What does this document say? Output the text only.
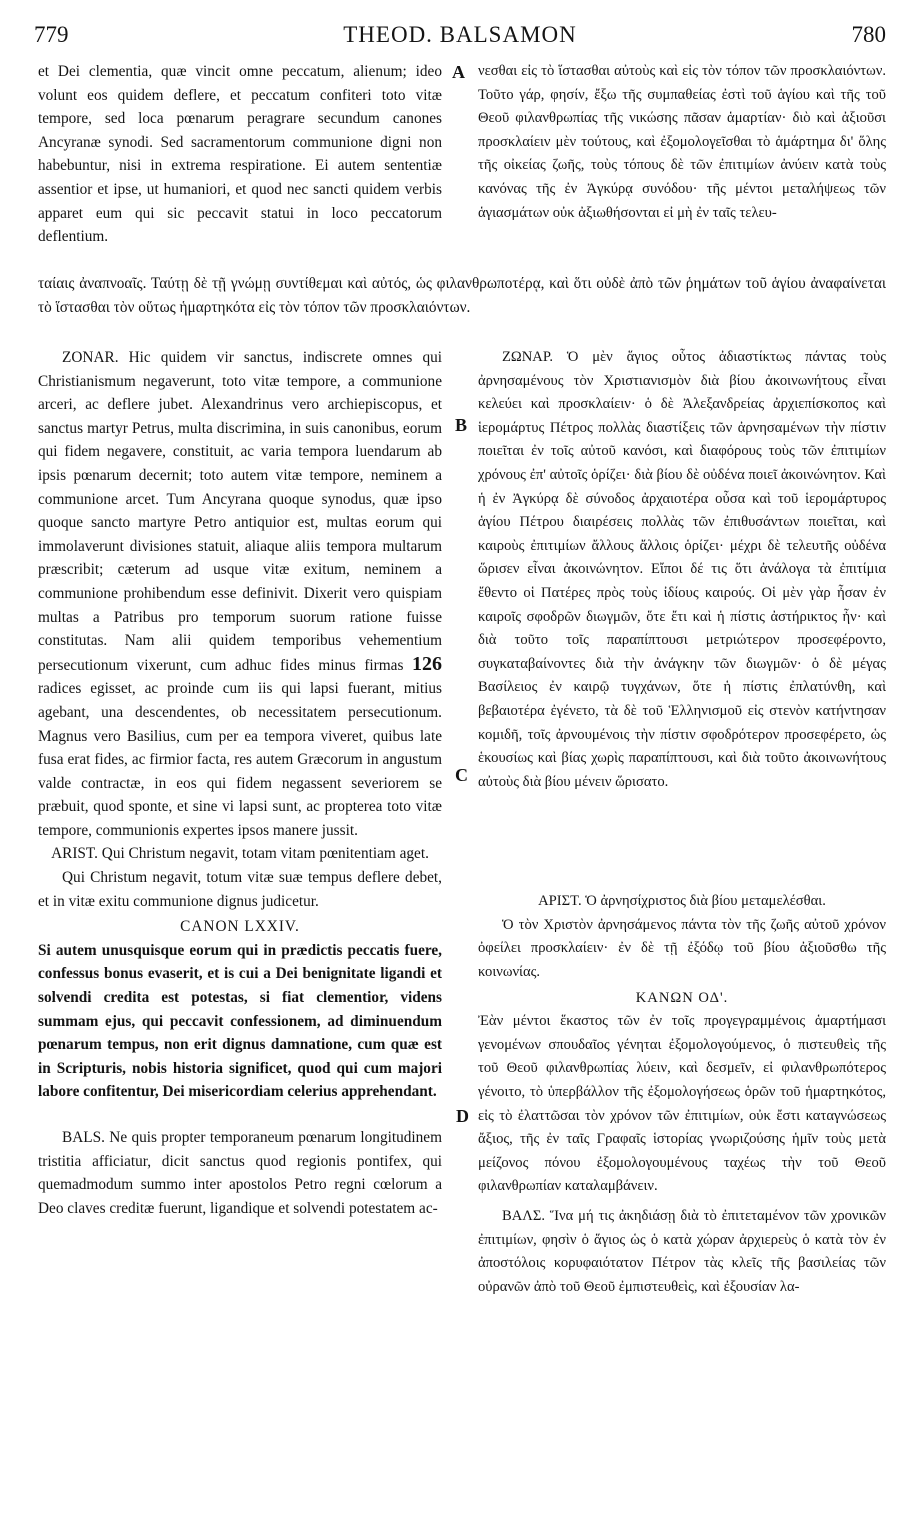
779	THEOD. BALSAMON	780
A
B
C
D

et Dei clementia, quæ vincit omne peccatum, alienum; ideo volunt eos quidem deflere, et peccatum confiteri toto vitæ tempore, sed loca pœnarum peragrare secundum canones Ancyranæ synodi. Sed sacramentorum communione digni non habebuntur, nisi in extrema respiratione. Ei autem sententiæ assentior et ipse, ut humaniori, et quod nec sancti quidem verbis apparet eum qui sic peccavit statui in loco peccatorum deflentium.

νεσθαι εἰς τὸ ἵστασθαι αὐτοὺς καὶ εἰς τὸν τόπον τῶν προσκλαιόντων. Τοῦτο γάρ, φησίν, ἔξω τῆς συμπαθείας ἐστὶ τοῦ ἁγίου καὶ τῆς τοῦ Θεοῦ φιλανθρωπίας τῆς νικώσης πᾶσαν ἁμαρτίαν· διὸ καὶ ἀξιοῦσι προσκλαίειν μὲν τούτους, καὶ ἐξομολογεῖσθαι τὸ ἁμάρτημα δι' ὅλης τῆς οἰκείας ζωῆς, τοὺς τόπους δὲ τῶν ἐπιτιμίων ἀνύειν κατὰ τοὺς κανόνας τῆς ἐν Ἀγκύρᾳ συνόδου· τῆς μέντοι μεταλήψεως τῶν ἁγιασμάτων οὐκ ἀξιωθήσονται εἰ μὴ ἐν ταῖς τελευ-

ταίαις ἀναπνοαῖς. Ταύτῃ δὲ τῇ γνώμῃ συντίθεμαι καὶ αὐτός, ὡς φιλανθρωποτέρᾳ, καὶ ὅτι οὐδὲ ἀπὸ τῶν ῥημάτων τοῦ ἁγίου ἀναφαίνεται τὸ ἵστασθαι τὸν οὕτως ἡμαρτηκότα εἰς τὸν τόπον τῶν προσκλαιόντων.

ZONAR. Hic quidem vir sanctus, indiscrete omnes qui Christianismum negaverunt, toto vitæ tempore, a communione arceri, ac deflere jubet. Alexandrinus vero archiepiscopus, et sanctus martyr Petrus, multa discrimina, in suis canonibus, eorum qui fidem negavere, constituit, ac varia tempora luendarum ab ipsis pœnarum decernit; toto autem vitæ tempore, neminem a communione arcet. Tum Ancyrana quoque synodus, quæ ipso quoque sancto martyre Petro antiquior est, multas eorum qui immolaverunt divisiones statuit, aliaque aliis tempora multarum præscribit; cæterum ad usque vitæ exitum, neminem a communione prohibendum esse definivit. Dixerit vero quispiam multas a Patribus pro temporum suorum ratione fuisse constitutas. Nam alii quidem temporibus vehementium persecutionum vixerunt, cum adhuc fides minus firmas 126 radices egisset, ac proinde cum iis qui lapsi fuerant, mitius agebant, una descendentes, ob necessitatem persecutionum. Magnus vero Basilius, cum per ea tempora viveret, quibus late fusa erat fides, ac firmior facta, res autem Græcorum in angustum valde contractæ, in eos qui fidem negassent severiorem se præbuit, quod sponte, et sine vi lapsi sunt, ac propterea toto vitæ tempore, communionis expertes ipsos manere jussit.

ARIST. Qui Christum negavit, totam vitam pœnitentiam aget.

Qui Christum negavit, totum vitæ suæ tempus deflere debet, et in vitæ exitu communione dignus judicetur.

CANON LXXIV.

Si autem unusquisque eorum qui in prædictis peccatis fuere, confessus bonus evaserit, et is cui a Dei benignitate ligandi et solvendi credita est potestas, si fiat clementior, videns summam ejus, qui peccavit confessionem, ad diminuendum pœnarum tempus, non erit dignus damnatione, cum quæ est in Scripturis, nobis historia significet, quod qui cum majori labore confitentur, Dei misericordiam celerius apprehendant.

BALS. Ne quis propter temporaneum pœnarum longitudinem tristitia afficiatur, dicit sanctus quod regionis pontifex, qui quemadmodum summo inter apostolos Petro regni cœlorum a Deo claves creditæ fuerunt, ligandique et solvendi potestatem ac-

ΖΩΝΑΡ. Ὁ μὲν ἅγιος οὗτος ἀδιαστίκτως πάντας τοὺς ἀρνησαμένους τὸν Χριστιανισμὸν διὰ βίου ἀκοινωνήτους εἶναι κελεύει καὶ προσκλαίειν· ὁ δὲ Ἀλεξανδρείας ἀρχιεπίσκοπος καὶ ἱερομάρτυς Πέτρος πολλὰς διαστίξεις τῶν ἀρνησαμένων τὴν πίστιν ποιεῖται ἐν τοῖς αὐτοῦ κανόσι, καὶ διαφόρους τοὺς τῶν ἐπιτιμίων χρόνους ἐπ' αὐτοῖς ὁρίζει· διὰ βίου δὲ οὐδένα ποιεῖ ἀκοινώνητον. Καὶ ἡ ἐν Ἀγκύρᾳ δὲ σύνοδος ἀρχαιοτέρα οὖσα καὶ τοῦ ἱερομάρτυρος ἁγίου Πέτρου διαιρέσεις πολλὰς τῶν ἐπιθυσάντων ποιεῖται, καὶ καιροὺς ἐπιτιμίων ἄλλους ἄλλοις ὁρίζει· μέχρι δὲ τελευτῆς οὐδένα ὥρισεν εἶναι ἀκοινώνητον. Εἴποι δέ τις ὅτι ἀνάλογα τὰ ἐπιτίμια ἔθεντο οἱ Πατέρες πρὸς τοὺς ἰδίους καιρούς. Οἱ μὲν γὰρ ἦσαν ἐν καιροῖς σφοδρῶν διωγμῶν, ὅτε ἔτι καὶ ἡ πίστις ἀστήρικτος ἦν· καὶ διὰ τοῦτο τοῖς παραπίπτουσι μετριώτερον προσεφέροντο, συγκαταβαίνοντες διὰ τὴν ἀνάγκην τῶν διωγμῶν· ὁ δὲ μέγας Βασίλειος ἐν καιρῷ τυγχάνων, ὅτε ἡ πίστις ἐπλατύνθη, καὶ βεβαιοτέρα ἐγένετο, τὰ δὲ τοῦ Ἑλληνισμοῦ εἰς στενὸν κατήντησαν κομιδῆ, τοῖς ἀρνουμένοις τὴν πίστιν σφοδρότερον προσεφέρετο, ὡς ἑκουσίως καὶ βίας χωρὶς παραπίπτουσι, καὶ διὰ τοῦτο ἀκοινωνήτους αὐτοὺς διὰ βίου μένειν ὥρισατο.

ΑΡΙΣΤ. Ὁ ἀρνησίχριστος διὰ βίου μεταμελέσθαι.

Ὁ τὸν Χριστὸν ἀρνησάμενος πάντα τὸν τῆς ζωῆς αὐτοῦ χρόνον ὀφείλει προσκλαίειν· ἐν δὲ τῇ ἐξόδῳ τοῦ βίου ἀξιοῦσθω τῆς κοινωνίας.

ΚΑΝΩΝ ΟΔ'.

Ἐὰν μέντοι ἕκαστος τῶν ἐν τοῖς προγεγραμμένοις ἁμαρτήμασι γενομένων σπουδαῖος γένηται ἐξομολογούμενος, ὁ πιστευθεὶς τῆς τοῦ Θεοῦ φιλανθρωπίας λύειν, καὶ δεσμεῖν, εἰ φιλανθρωπότερος γένοιτο, τὸ ὑπερβάλλον τῆς ἐξομολογήσεως ὁρῶν τοῦ ἡμαρτηκότος, εἰς τὸ ἐλαττῶσαι τὸν χρόνον τῶν ἐπιτιμίων, οὐκ ἔστι καταγνώσεως ἄξιος, τῆς ἐν ταῖς Γραφαῖς ἱστορίας γνωριζούσης ἡμῖν τοὺς μετὰ μείζονος πόνου ἐξομολογουμένους ταχέως τὴν τοῦ Θεοῦ φιλανθρωπίαν καταλαμβάνειν.

ΒΑΛΣ. Ἵνα μή τις ἀκηδιάσῃ διὰ τὸ ἐπιτεταμένον τῶν χρονικῶν ἐπιτιμίων, φησὶν ὁ ἅγιος ὡς ὁ κατὰ χώραν ἀρχιερεὺς ὁ κατὰ τὸν ἐν ἀποστόλοις κορυφαιότατον Πέτρον τὰς κλεῖς τῆς βασιλείας τῶν οὐρανῶν ἀπὸ τοῦ Θεοῦ ἐμπιστευθεὶς, καὶ ἐξουσίαν λα-
